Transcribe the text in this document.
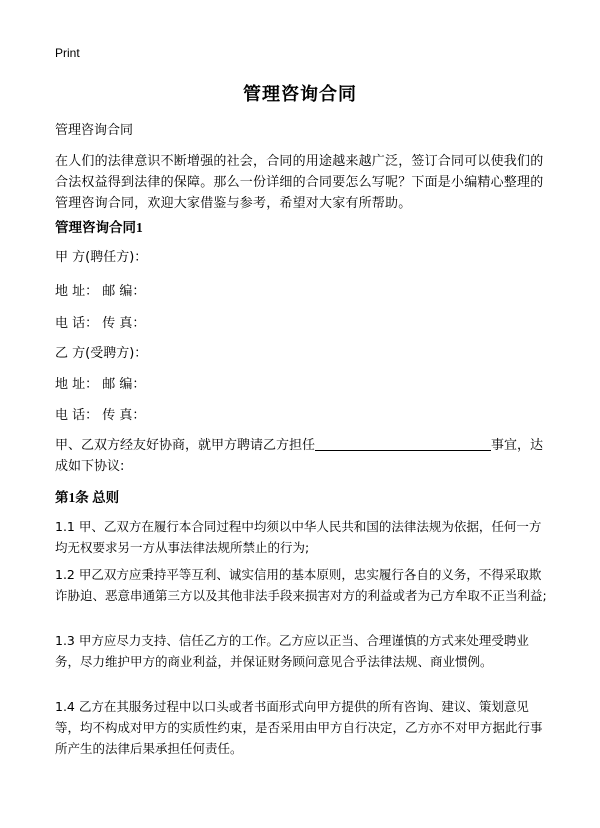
Print
管理咨询合同
管理咨询合同
在人们的法律意识不断增强的社会，合同的用途越来越广泛，签订合同可以使我们的合法权益得到法律的保障。那么一份详细的合同要怎么写呢？下面是小编精心整理的管理咨询合同，欢迎大家借鉴与参考，希望对大家有所帮助。
管理咨询合同1
甲 方(聘任方)：
地 址： 邮 编：
电 话： 传 真：
乙 方(受聘方)：
地 址： 邮 编：
电 话： 传 真：
甲、乙双方经友好协商，就甲方聘请乙方担任	事宜，达成如下协议:
第1条 总则
1.1 甲、乙双方在履行本合同过程中均须以中华人民共和国的法律法规为依据，任何一方均无权要求另一方从事法律法规所禁止的行为;
1.2 甲乙双方应秉持平等互利、诚实信用的基本原则，忠实履行各自的义务，不得采取欺诈胁迫、恶意串通第三方以及其他非法手段来损害对方的利益或者为己方牟取不正当利益;
1.3 甲方应尽力支持、信任乙方的工作。乙方应以正当、合理谨慎的方式来处理受聘业务，尽力维护甲方的商业利益，并保证财务顾问意见合乎法律法规、商业惯例。
1.4 乙方在其服务过程中以口头或者书面形式向甲方提供的所有咨询、建议、策划意见等，均不构成对甲方的实质性约束，是否采用由甲方自行决定，乙方亦不对甲方据此行事所产生的法律后果承担任何责任。
